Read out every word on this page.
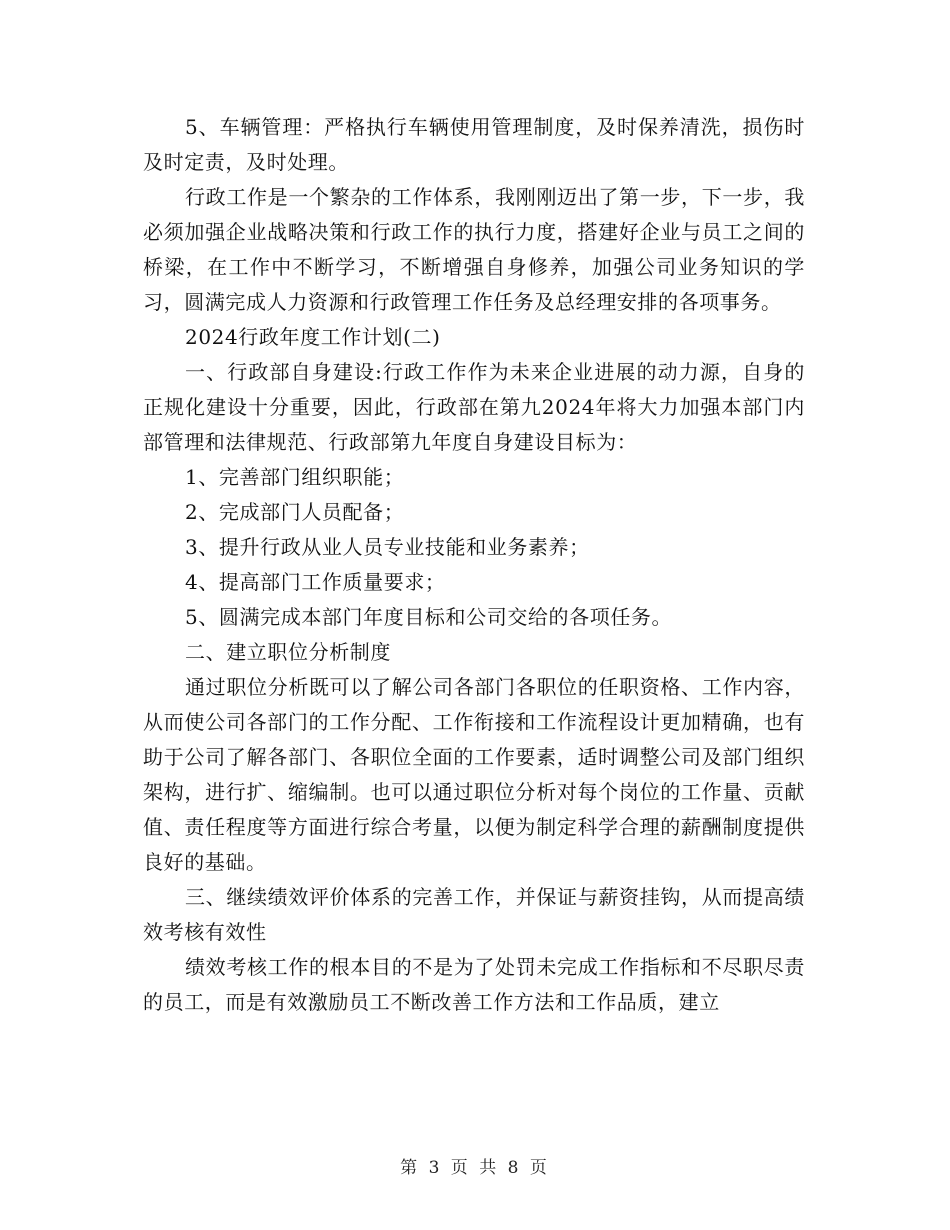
5、车辆管理：严格执行车辆使用管理制度，及时保养清洗，损伤时及时定责，及时处理。

行政工作是一个繁杂的工作体系，我刚刚迈出了第一步，下一步，我必须加强企业战略决策和行政工作的执行力度，搭建好企业与员工之间的桥梁，在工作中不断学习，不断增强自身修养，加强公司业务知识的学习，圆满完成人力资源和行政管理工作任务及总经理安排的各项事务。

2024行政年度工作计划(二)

一、行政部自身建设:行政工作作为未来企业进展的动力源，自身的正规化建设十分重要，因此，行政部在第九2024年将大力加强本部门内部管理和法律规范、行政部第九年度自身建设目标为：

1、完善部门组织职能；

2、完成部门人员配备；

3、提升行政从业人员专业技能和业务素养；

4、提高部门工作质量要求；

5、圆满完成本部门年度目标和公司交给的各项任务。

二、建立职位分析制度

通过职位分析既可以了解公司各部门各职位的任职资格、工作内容，从而使公司各部门的工作分配、工作衔接和工作流程设计更加精确，也有助于公司了解各部门、各职位全面的工作要素，适时调整公司及部门组织架构，进行扩、缩编制。也可以通过职位分析对每个岗位的工作量、贡献值、责任程度等方面进行综合考量，以便为制定科学合理的薪酬制度提供良好的基础。

三、继续绩效评价体系的完善工作，并保证与薪资挂钩，从而提高绩效考核有效性

绩效考核工作的根本目的不是为了处罚未完成工作指标和不尽职尽责的员工，而是有效激励员工不断改善工作方法和工作品质，建立

第 3 页 共 8 页
